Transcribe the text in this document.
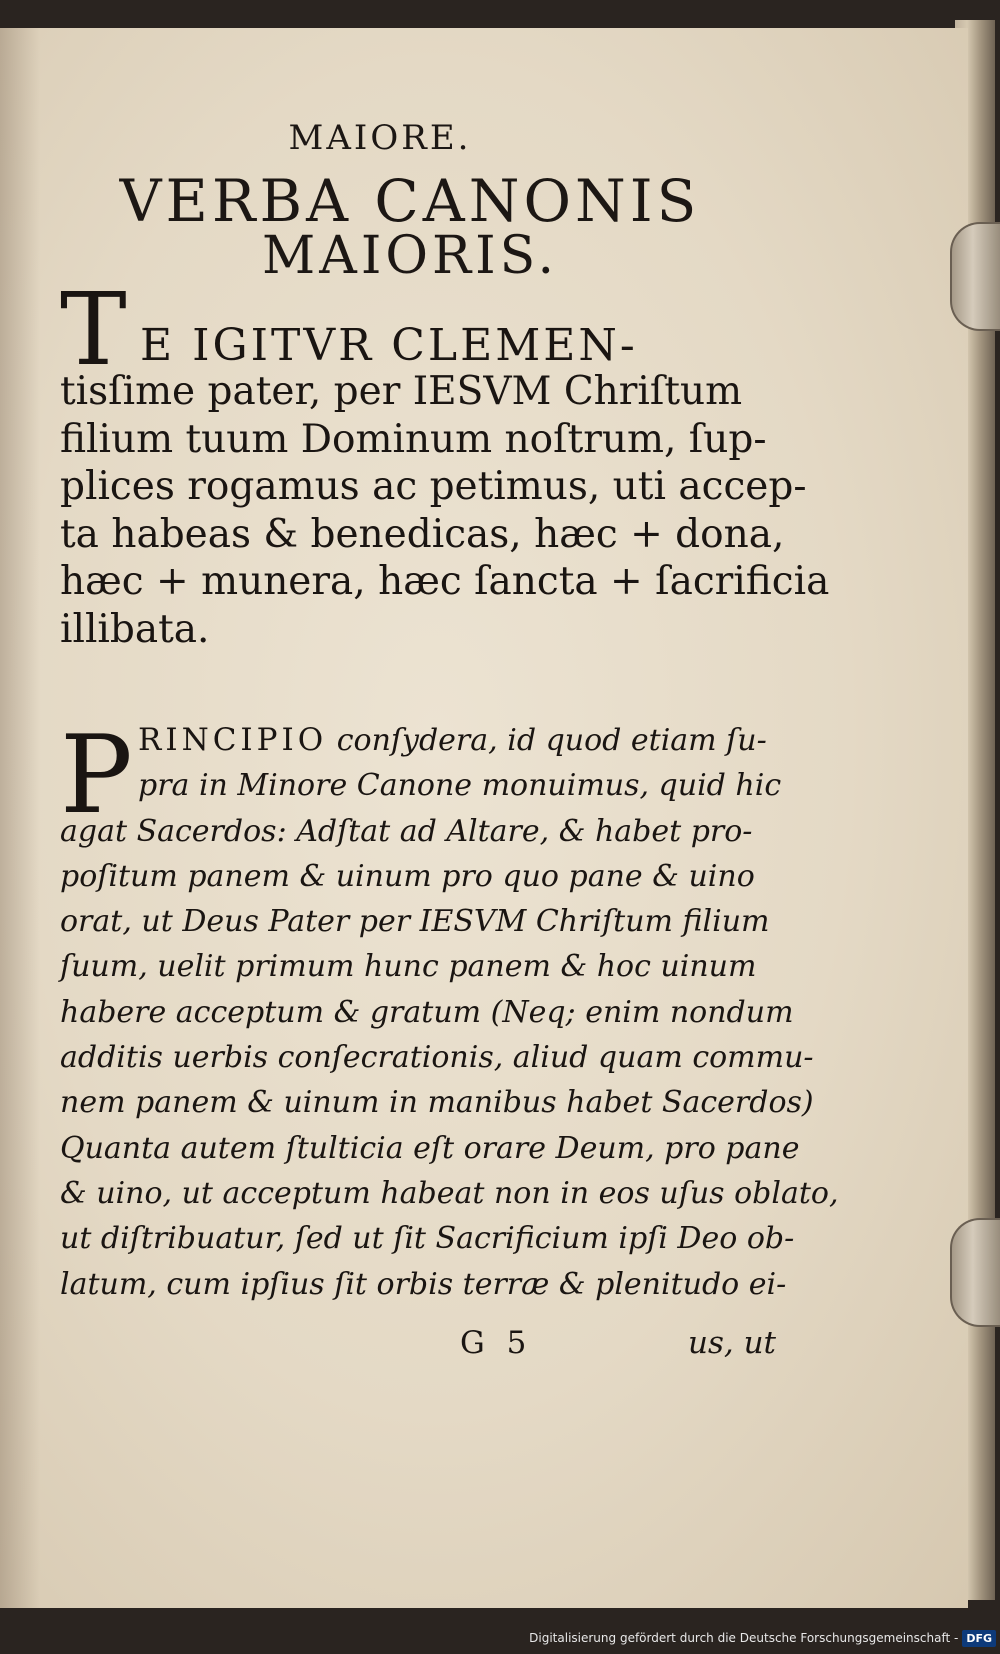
MAIORE.
VERBA CANONIS
MAIORIS.
T E IGITVR CLEMEN-
tisſime pater, per IESVM Chriſtum
filium tuum Dominum noſtrum, ſup-
plices rogamus ac petimus, uti accep-
ta habeas & benedicas, hæc + dona,
hæc + munera, hæc ſancta + ſacrificia
illibata.
P RINCIPIO conſydera, id quod etiam ſu-
pra in Minore Canone monuimus, quid hic
agat Sacerdos: Adſtat ad Altare, & habet pro-
poſitum panem & uinum pro quo pane & uino
orat, ut Deus Pater per IESVM Chriſtum filium
ſuum, uelit primum hunc panem & hoc uinum
habere acceptum & gratum (Neq; enim nondum
additis uerbis conſecrationis, aliud quam commu-
nem panem & uinum in manibus habet Sacerdos)
Quanta autem ſtulticia eſt orare Deum, pro pane
& uino, ut acceptum habeat non in eos uſus oblato,
ut diſtribuatur, ſed ut ſit Sacrificium ipſi Deo ob-
latum, cum ipſius ſit orbis terræ & plenitudo ei-
G 5	us, ut
Digitalisierung gefördert durch die Deutsche Forschungsgemeinschaft - DFG
